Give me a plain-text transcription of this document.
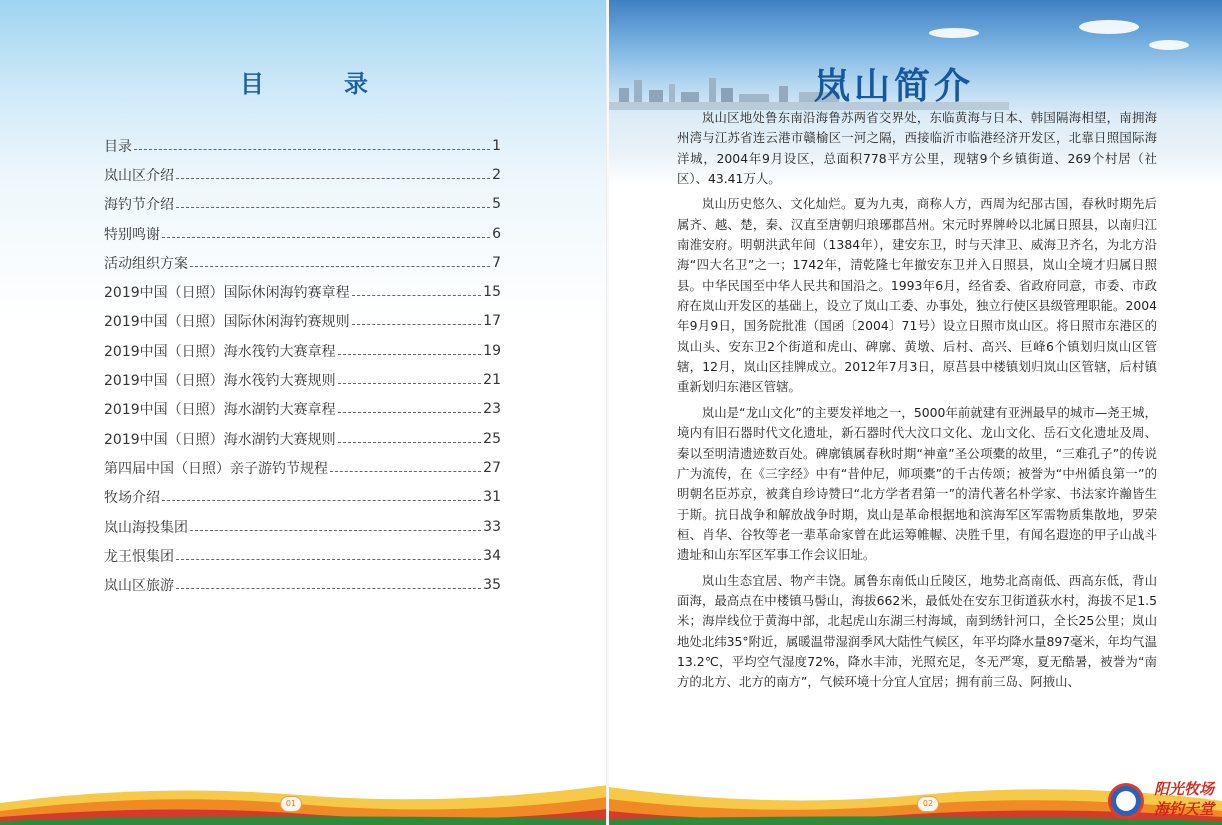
目　录
目录	1
岚山区介绍	2
海钓节介绍	5
特别鸣谢	6
活动组织方案	7
2019中国（日照）国际休闲海钓赛章程	15
2019中国（日照）国际休闲海钓赛规则	17
2019中国（日照）海水筏钓大赛章程	19
2019中国（日照）海水筏钓大赛规则	21
2019中国（日照）海水湖钓大赛章程	23
2019中国（日照）海水湖钓大赛规则	25
第四届中国（日照）亲子游钓节规程	27
牧场介绍	31
岚山海投集团	33
龙王恨集团	34
岚山区旅游	35
01
岚山简介

岚山区地处鲁东南沿海鲁苏两省交界处，东临黄海与日本、韩国隔海相望，南拥海州湾与江苏省连云港市赣榆区一河之隔，西接临沂市临港经济开发区，北靠日照国际海洋城，2004年9月设区，总面积778平方公里，现辖9个乡镇街道、269个村居（社区）、43.41万人。

岚山历史悠久、文化灿烂。夏为九夷，商称人方，西周为纪郚古国，春秋时期先后属齐、越、楚，秦、汉直至唐朝归琅琊郡莒州。宋元时界牌岭以北属日照县，以南归江南淮安府。明朝洪武年间（1384年），建安东卫，时与天津卫、威海卫齐名，为北方沿海“四大名卫”之一；1742年，清乾隆七年撤安东卫并入日照县，岚山全境才归属日照县。中华民国至中华人民共和国沿之。1993年6月，经省委、省政府同意，市委、市政府在岚山开发区的基础上，设立了岚山工委、办事处，独立行使区县级管理职能。2004年9月9日，国务院批准（国函〔2004〕71号）设立日照市岚山区。将日照市东港区的岚山头、安东卫2个街道和虎山、碑廓、黄墩、后村、高兴、巨峰6个镇划归岚山区管辖，12月，岚山区挂牌成立。2012年7月3日，原莒县中楼镇划归岚山区管辖，后村镇重新划归东港区管辖。

岚山是“龙山文化”的主要发祥地之一，5000年前就建有亚洲最早的城市—尧王城，境内有旧石器时代文化遗址，新石器时代大汶口文化、龙山文化、岳石文化遗址及周、秦以至明清遗迹数百处。碑廓镇属春秋时期“神童”圣公项橐的故里，“三难孔子”的传说广为流传，在《三字经》中有“昔仲尼，师项橐”的千古传颂；被誉为“中州循良第一”的明朝名臣苏京，被龚自珍诗赞曰“北方学者君第一”的清代著名朴学家、书法家许瀚皆生于斯。抗日战争和解放战争时期，岚山是革命根据地和滨海军区军需物质集散地，罗荣桓、肖华、谷牧等老一辈革命家曾在此运筹帷幄、决胜千里，有闻名遐迩的甲子山战斗遗址和山东军区军事工作会议旧址。

岚山生态宜居、物产丰饶。属鲁东南低山丘陵区，地势北高南低、西高东低，背山面海，最高点在中楼镇马髻山，海拔662米，最低处在安东卫街道荻水村，海拔不足1.5米；海岸线位于黄海中部，北起虎山东湖三村海域，南到绣针河口，全长25公里；岚山地处北纬35°附近，属暖温带湿润季风大陆性气候区，年平均降水量897毫米，年均气温13.2℃，平均空气湿度72%，降水丰沛，光照充足，冬无严寒，夏无酷暑，被誉为“南方的北方、北方的南方”，气候环境十分宜人宜居；拥有前三岛、阿掖山、

02
阳光牧场
海钓天堂
